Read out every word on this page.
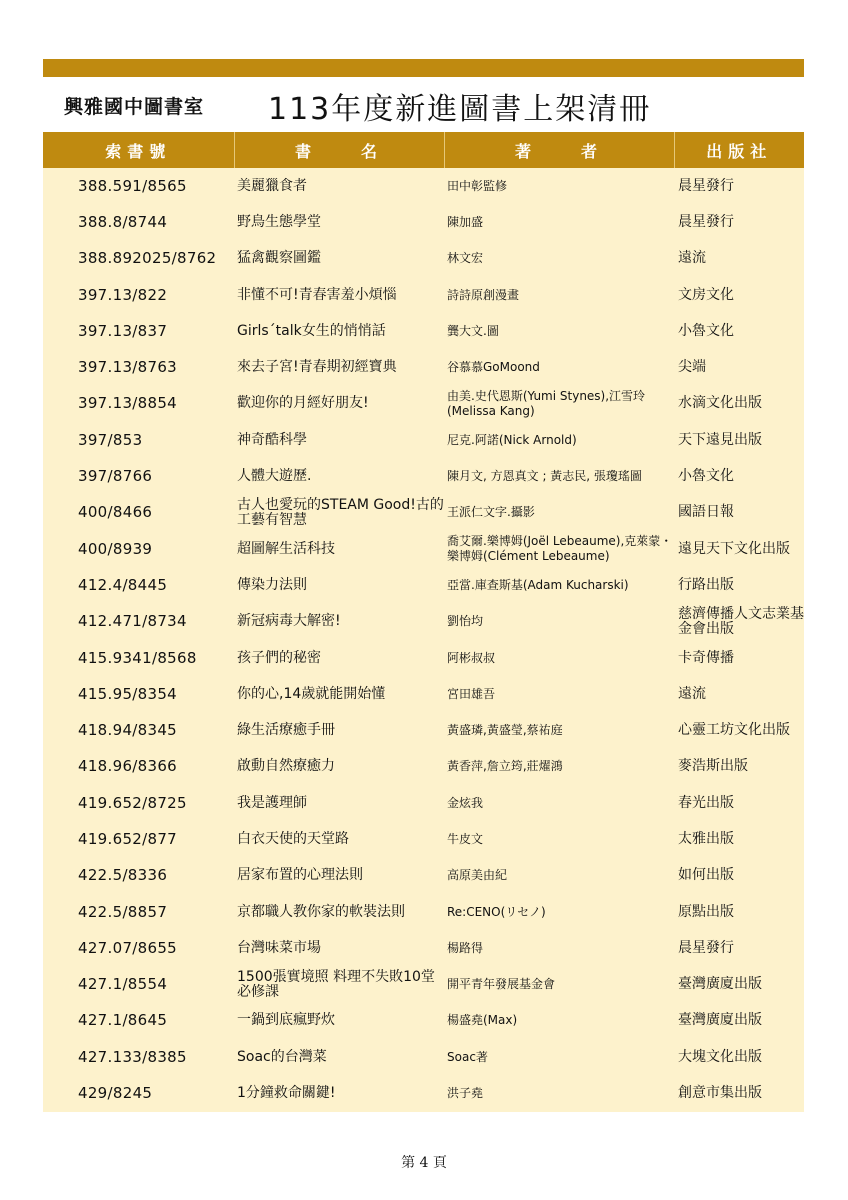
興雅國中圖書室 113年度新進圖書上架清冊
索書號	書　　名	著　　者	出版社
388.591/8565	美麗獵食者	田中彰監修	晨星發行
388.8/8744	野鳥生態學堂	陳加盛	晨星發行
388.892025/8762	猛禽觀察圖鑑	林文宏	遠流
397.13/822	非懂不可!青春害羞小煩惱	詩詩原創漫畫	文房文化
397.13/837	Girls´talk女生的悄悄話	龔大文.圖	小魯文化
397.13/8763	來去子宮!青春期初經寶典	谷慕慕GoMoond	尖端
397.13/8854	歡迎你的月經好朋友!	由美.史代恩斯(Yumi Stynes),江雪玲(Melissa Kang)	水滴文化出版
397/853	神奇酷科學	尼克.阿諾(Nick Arnold)	天下遠見出版
397/8766	人體大遊歷.	陳月文, 方恩真文 ; 黃志民, 張瓊瑤圖	小魯文化
400/8466	古人也愛玩的STEAM Good!古的工藝有智慧	王派仁文字.攝影	國語日報
400/8939	超圖解生活科技	喬艾爾.樂博姆(Joël Lebeaume),克萊蒙・樂博姆(Clément Lebeaume)	遠見天下文化出版
412.4/8445	傳染力法則	亞當.庫查斯基(Adam Kucharski)	行路出版
412.471/8734	新冠病毒大解密!	劉怡均	慈濟傳播人文志業基金會出版
415.9341/8568	孩子們的秘密	阿彬叔叔	卡奇傳播
415.95/8354	你的心,14歲就能開始懂	宮田雄吾	遠流
418.94/8345	綠生活療癒手冊	黃盛璘,黃盛瑩,蔡祐庭	心靈工坊文化出版
418.96/8366	啟動自然療癒力	黃香萍,詹立筠,莊燿鴻	麥浩斯出版
419.652/8725	我是護理師	金炫我	春光出版
419.652/877	白衣天使的天堂路	牛皮文	太雅出版
422.5/8336	居家布置的心理法則	高原美由紀	如何出版
422.5/8857	京都職人教你家的軟裝法則	Re:CENO(リセノ)	原點出版
427.07/8655	台灣味菜市場	楊路得	晨星發行
427.1/8554	1500張實境照 料理不失敗10堂必修課	開平青年發展基金會	臺灣廣廈出版
427.1/8645	一鍋到底瘋野炊	楊盛堯(Max)	臺灣廣廈出版
427.133/8385	Soac的台灣菜	Soac著	大塊文化出版
429/8245	1分鐘救命關鍵!	洪子堯	創意市集出版
第 4 頁
